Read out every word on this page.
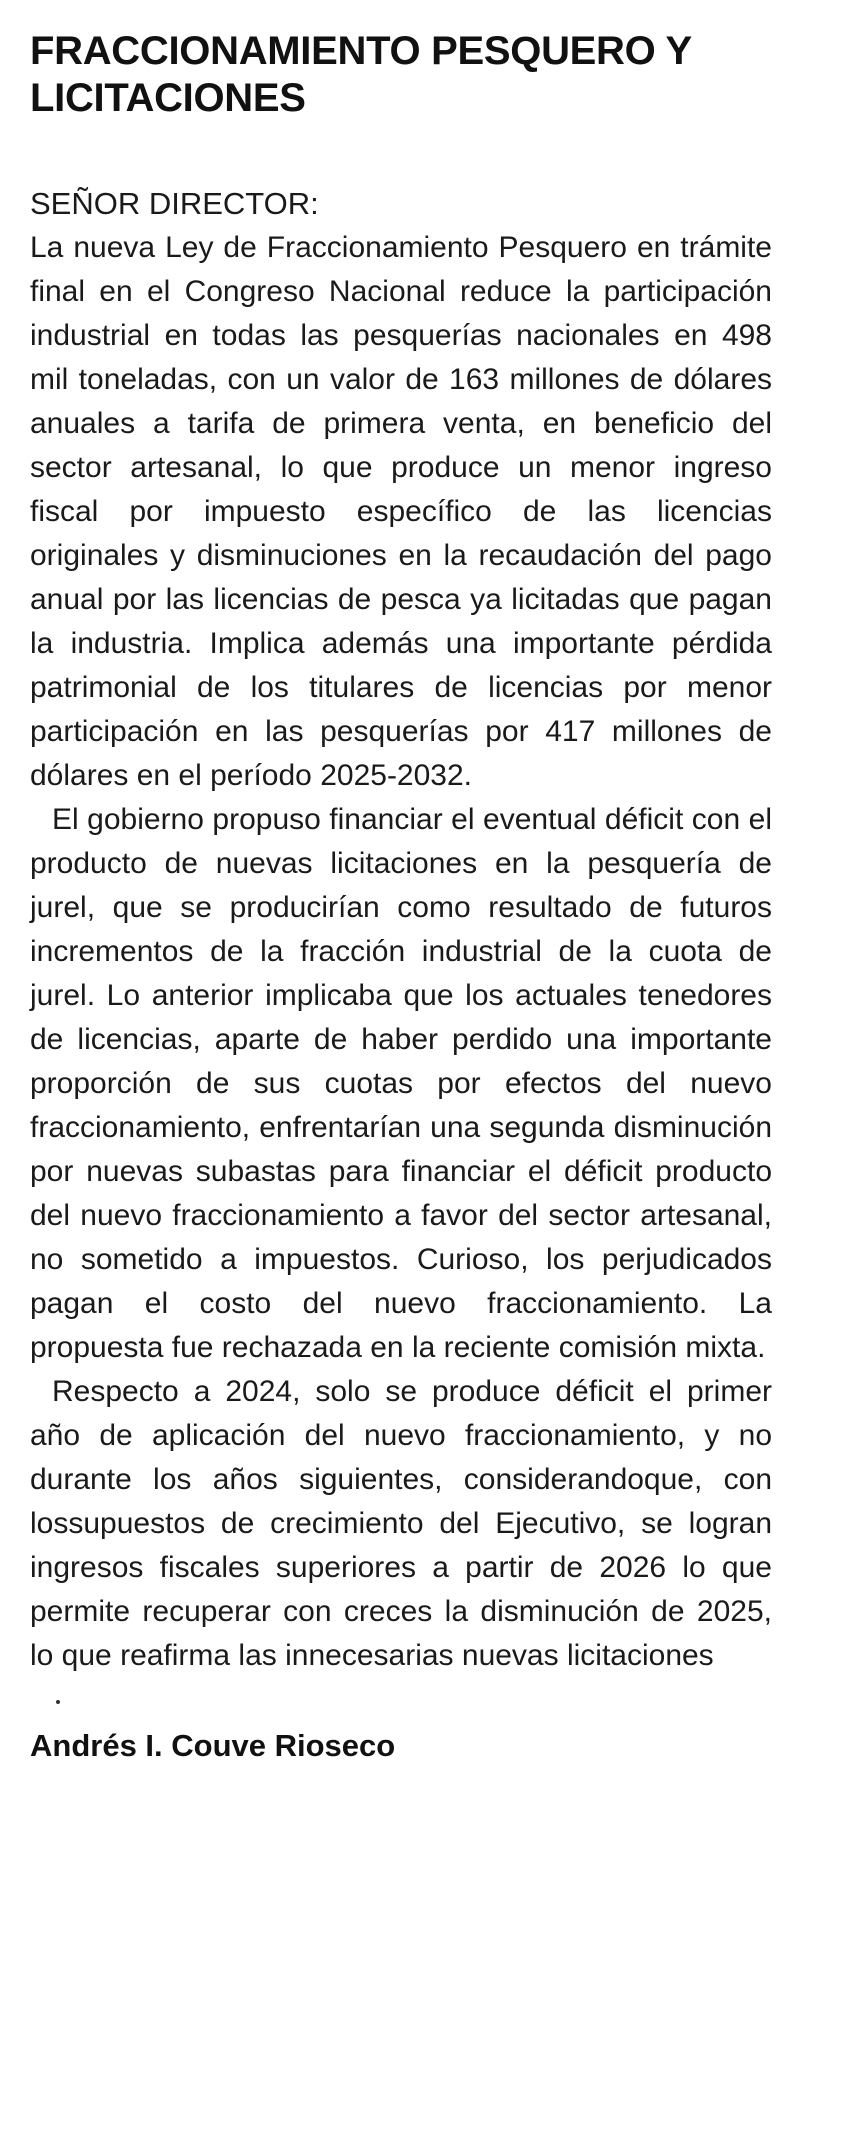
FRACCIONAMIENTO PESQUERO Y LICITACIONES

SEÑOR DIRECTOR:

La nueva Ley de Fraccionamiento Pesquero en trámite final en el Congreso Nacional reduce la participación industrial en todas las pesquerías nacionales en 498 mil toneladas, con un valor de 163 millones de dólares anuales a tarifa de primera venta, en beneficio del sector artesanal, lo que produce un menor ingreso fiscal por impuesto específico de las licencias originales y disminuciones en la recaudación del pago anual por las licencias de pesca ya licitadas que pagan la industria. Implica además una importante pérdida patrimonial de los titulares de licencias por menor participación en las pesquerías por 417 millones de dólares en el período 2025-2032.

El gobierno propuso financiar el eventual déficit con el producto de nuevas licitaciones en la pesquería de jurel, que se producirían como resultado de futuros incrementos de la fracción industrial de la cuota de jurel. Lo anterior implicaba que los actuales tenedores de licencias, aparte de haber perdido una importante proporción de sus cuotas por efectos del nuevo fraccionamiento, enfrentarían una segunda disminución por nuevas subastas para financiar el déficit producto del nuevo fraccionamiento a favor del sector artesanal, no sometido a impuestos. Curioso, los perjudicados pagan el costo del nuevo fraccionamiento. La propuesta fue rechazada en la reciente comisión mixta.

Respecto a 2024, solo se produce déficit el primer año de aplicación del nuevo fraccionamiento, y no durante los años siguientes, considerandoque, con lossupuestos de crecimiento del Ejecutivo, se logran ingresos fiscales superiores a partir de 2026 lo que permite recuperar con creces la disminución de 2025, lo que reafirma las innecesarias nuevas licitaciones

Andrés I. Couve Rioseco
